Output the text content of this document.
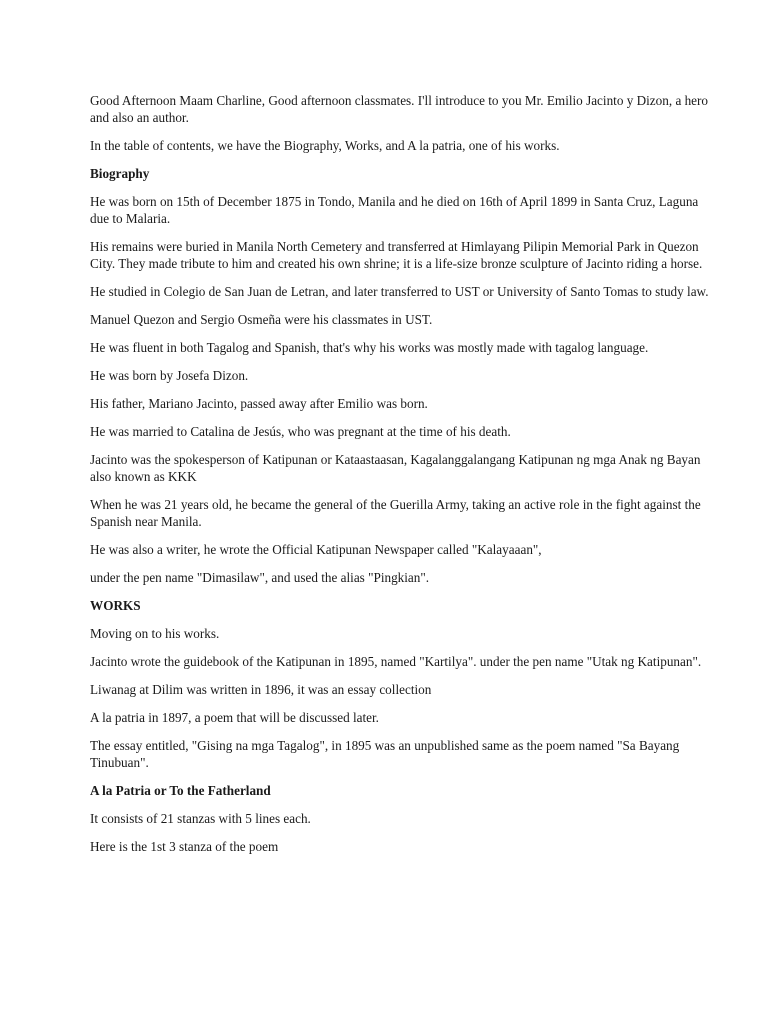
Good Afternoon Maam Charline, Good afternoon classmates. I'll introduce to you Mr. Emilio Jacinto y Dizon, a hero and also an author.

In the table of contents, we have the Biography, Works, and A la patria, one of his works.

Biography

He was born on 15th of December 1875 in Tondo, Manila and he died on 16th of April 1899 in Santa Cruz, Laguna due to Malaria.

His remains were buried in Manila North Cemetery and transferred at Himlayang Pilipin Memorial Park in Quezon City. They made tribute to him and created his own shrine; it is a life-size bronze sculpture of Jacinto riding a horse.

He studied in Colegio de San Juan de Letran, and later transferred to UST or University of Santo Tomas to study law.

Manuel Quezon and Sergio Osmeña were his classmates in UST.

He was fluent in both Tagalog and Spanish, that's why his works was mostly made with tagalog language.

He was born by Josefa Dizon.

His father, Mariano Jacinto, passed away after Emilio was born.

He was married to Catalina de Jesús, who was pregnant at the time of his death.

Jacinto was the spokesperson of Katipunan or Kataastaasan, Kagalanggalangang Katipunan ng mga Anak ng Bayan also known as KKK

When he was 21 years old, he became the general of the Guerilla Army, taking an active role in the fight against the Spanish near Manila.

He was also a writer, he wrote the Official Katipunan Newspaper called "Kalayaaan",

under the pen name "Dimasilaw", and used the alias "Pingkian".

WORKS

Moving on to his works.

Jacinto wrote the guidebook of the Katipunan in 1895, named "Kartilya". under the pen name "Utak ng Katipunan".

Liwanag at Dilim was written in 1896, it was an essay collection

A la patria in 1897, a poem that will be discussed later.

The essay entitled, "Gising na mga Tagalog", in 1895 was an unpublished same as the poem named "Sa Bayang Tinubuan".

A la Patria or To the Fatherland

It consists of 21 stanzas with 5 lines each.

Here is the 1st 3 stanza of the poem
